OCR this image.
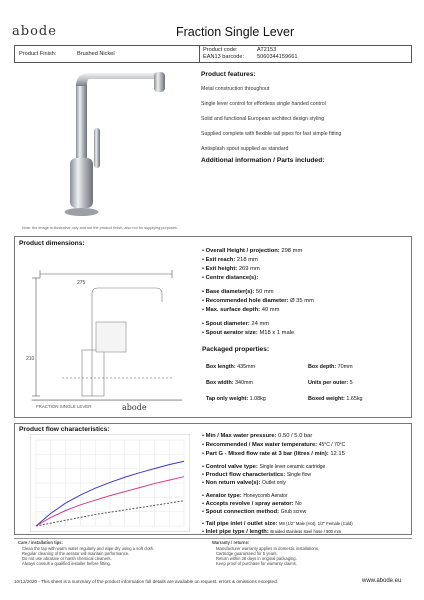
abode	Fraction Single Lever
Product Finish:	Brushed Nickel
Product code:	AT2153
EAN13 barcode: 5060344159661
Note: the image is illustrative only and not the product finish, also not for supplying purposes.
Product features:
Metal construction throughout
Single lever control for effortless single handed control
Solid and functional European architect design styling
Supplied complete with flexible tail pipes for fast simple fitting
Antisplash spout supplied as standard
Additional information / Parts included:
Product dimensions:
275
210
abode
FRACTION SINGLE LEVER
• Overall Height / projection: 298 mm
• Exit reach: 218 mm
• Exit height: 269 mm
• Centre distance(s):
• Base diameter(s): 50 mm
• Recommended hole diameter: Ø 35 mm
• Max. surface depth: 40 mm
• Spout diameter: 24 mm
• Spout aerator size: M18 x 1 male
Packaged properties:
Box length: 435mm	Box depth: 70mm
Box width: 340mm	Units per outer: 5
Tap only weight: 1.08kg	Boxed weight: 1.65kg
Product flow characteristics:
• Min / Max water pressure: 0.50 / 5.0 bar
• Recommended / Max water temperature: 45°C / 70°C
• Part G - Mixed flow rate at 3 bar (litres / min): 12.15
• Control valve type: Single lever ceramic cartridge
• Product flow characteristics: Single flow
• Non return valve(s): Outlet only
• Aerator type: Honeycomb Aerator
• Accepts revolve / spray aerator: No
• Spout connection method: Grub screw
• Tail pipe inlet / outlet size: M8 (1/2" Male (Hot), 1/2" Female (Cold)
• Inlet pipe type / length: Braided stainless steel hose / 500 mm
Care / installation tips:
Clean the tap with warm water regularly and wipe dry using a soft cloth.
Regular cleaning of the aerator will maintain performance.
Do not use abrasive or harsh chemical cleaners.
Always consult a qualified installer before fitting.
Warranty / returns:
Manufacturer warranty applies to domestic installations.
Cartridge guaranteed for 5 years.
Return within 28 days in original packaging.
Keep proof of purchase for warranty claims.
10/12/2020 - This sheet is a summary of the product information full details are available on request. errors & omissions excepted.	www.abode.eu
